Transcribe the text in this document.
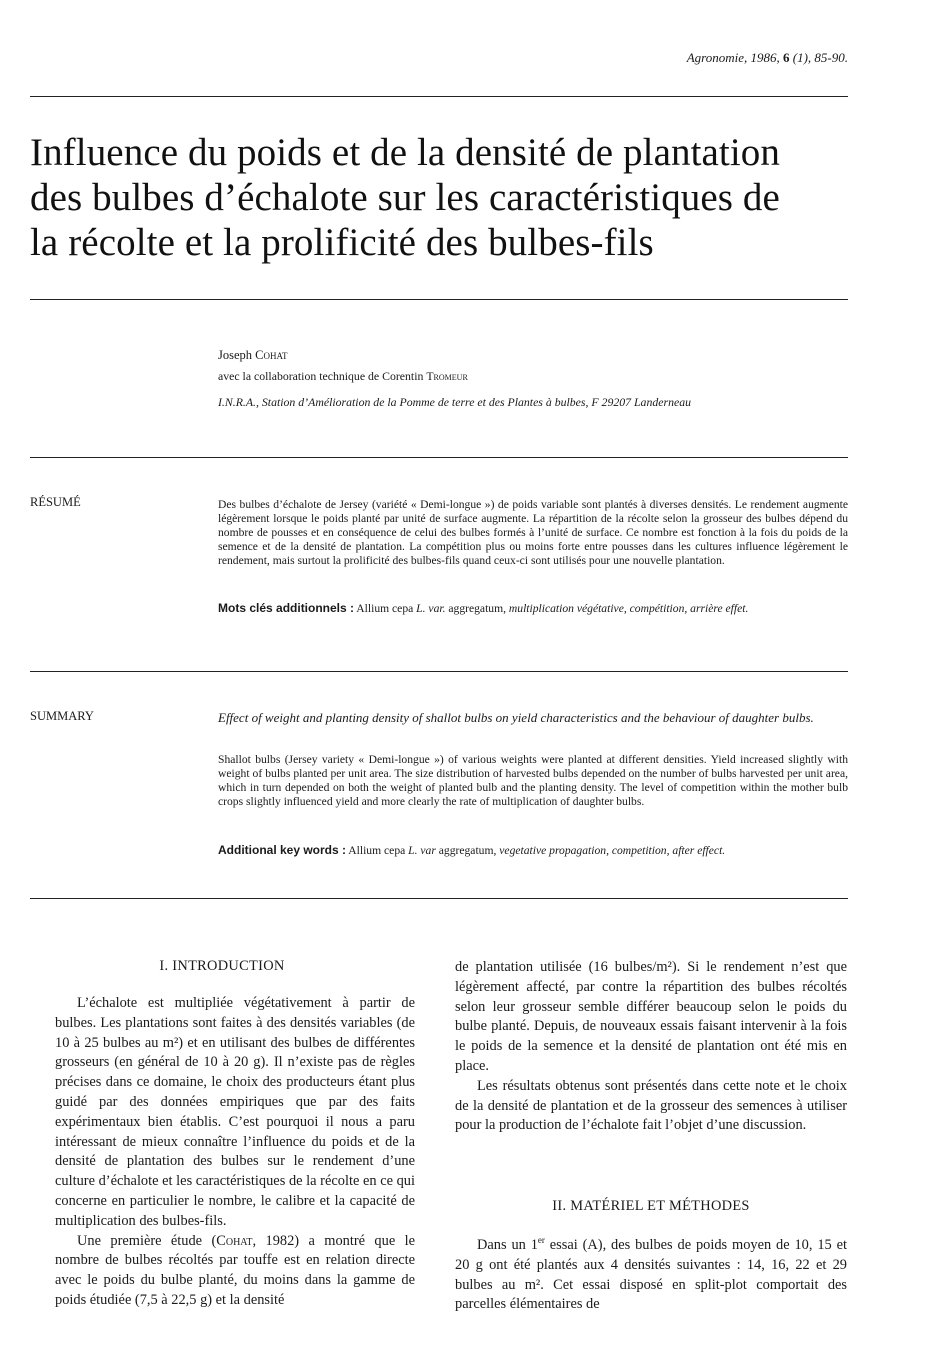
Agronomie, 1986, 6 (1), 85-90.
Influence du poids et de la densité de plantation
des bulbes d’échalote sur les caractéristiques de
la récolte et la prolificité des bulbes-fils
Joseph Cohat
avec la collaboration technique de Corentin Tromeur
I.N.R.A., Station d’Amélioration de la Pomme de terre et des Plantes à bulbes, F 29207 Landerneau
RÉSUMÉ	Des bulbes d’échalote de Jersey (variété « Demi-longue ») de poids variable sont plantés à diverses densités. Le rendement augmente légèrement lorsque le poids planté par unité de surface augmente. La répartition de la récolte selon la grosseur des bulbes dépend du nombre de pousses et en conséquence de celui des bulbes formés à l’unité de surface. Ce nombre est fonction à la fois du poids de la semence et de la densité de plantation. La compétition plus ou moins forte entre pousses dans les cultures influence légèrement le rendement, mais surtout la prolificité des bulbes-fils quand ceux-ci sont utilisés pour une nouvelle plantation.
Mots clés additionnels : Allium cepa L. var. aggregatum, multiplication végétative, compétition, arrière effet.
SUMMARY	Effect of weight and planting density of shallot bulbs on yield characteristics and the behaviour of daughter bulbs.
Shallot bulbs (Jersey variety « Demi-longue ») of various weights were planted at different densities. Yield increased slightly with weight of bulbs planted per unit area. The size distribution of harvested bulbs depended on the number of bulbs harvested per unit area, which in turn depended on both the weight of planted bulb and the planting density. The level of competition within the mother bulb crops slightly influenced yield and more clearly the rate of multiplication of daughter bulbs.
Additional key words : Allium cepa L. var aggregatum, vegetative propagation, competition, after effect.
I. INTRODUCTION

L’échalote est multipliée végétativement à partir de bulbes. Les plantations sont faites à des densités variables (de 10 à 25 bulbes au m²) et en utilisant des bulbes de différentes grosseurs (en général de 10 à 20 g). Il n’existe pas de règles précises dans ce domaine, le choix des producteurs étant plus guidé par des données empiriques que par des faits expérimentaux bien établis. C’est pourquoi il nous a paru intéressant de mieux connaître l’influence du poids et de la densité de plantation des bulbes sur le rendement d’une culture d’échalote et les caractéristiques de la récolte en ce qui concerne en particulier le nombre, le calibre et la capacité de multiplication des bulbes-fils.

Une première étude (Cohat, 1982) a montré que le nombre de bulbes récoltés par touffe est en relation directe avec le poids du bulbe planté, du moins dans la gamme de poids étudiée (7,5 à 22,5 g) et la densité

de plantation utilisée (16 bulbes/m²). Si le rendement n’est que légèrement affecté, par contre la répartition des bulbes récoltés selon leur grosseur semble différer beaucoup selon le poids du bulbe planté. Depuis, de nouveaux essais faisant intervenir à la fois le poids de la semence et la densité de plantation ont été mis en place.

Les résultats obtenus sont présentés dans cette note et le choix de la densité de plantation et de la grosseur des semences à utiliser pour la production de l’échalote fait l’objet d’une discussion.

II. MATÉRIEL ET MÉTHODES

Dans un 1er essai (A), des bulbes de poids moyen de 10, 15 et 20 g ont été plantés aux 4 densités suivantes : 14, 16, 22 et 29 bulbes au m². Cet essai disposé en split-plot comportait des parcelles élémentaires de
